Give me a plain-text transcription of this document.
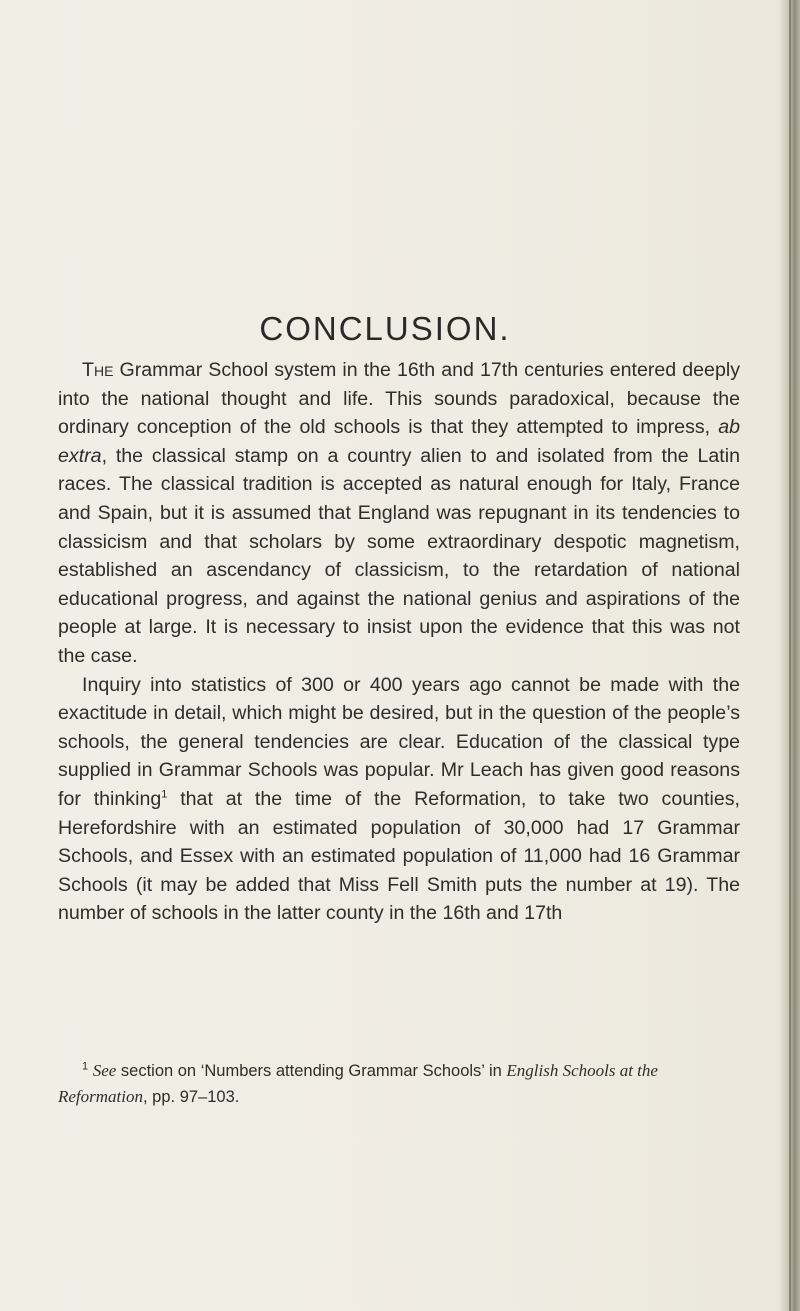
CONCLUSION.

The Grammar School system in the 16th and 17th centuries entered deeply into the national thought and life. This sounds paradoxical, because the ordinary conception of the old schools is that they attempted to impress, ab extra, the classical stamp on a country alien to and isolated from the Latin races. The classical tradition is accepted as natural enough for Italy, France and Spain, but it is assumed that England was repugnant in its tendencies to classicism and that scholars by some extraordinary despotic magnetism, established an ascendancy of classicism, to the retardation of national educational progress, and against the national genius and aspirations of the people at large. It is necessary to insist upon the evidence that this was not the case.

Inquiry into statistics of 300 or 400 years ago cannot be made with the exactitude in detail, which might be desired, but in the question of the people’s schools, the general tendencies are clear. Education of the classical type supplied in Grammar Schools was popular. Mr Leach has given good reasons for thinking$^1$ that at the time of the Reformation, to take two counties, Herefordshire with an estimated population of 30,000 had 17 Grammar Schools, and Essex with an estimated population of 11,000 had 16 Grammar Schools (it may be added that Miss Fell Smith puts the number at 19). The number of schools in the latter county in the 16th and 17th

$^1$ See section on ‘Numbers attending Grammar Schools’ in English Schools at the Reformation, pp. 97–103.
